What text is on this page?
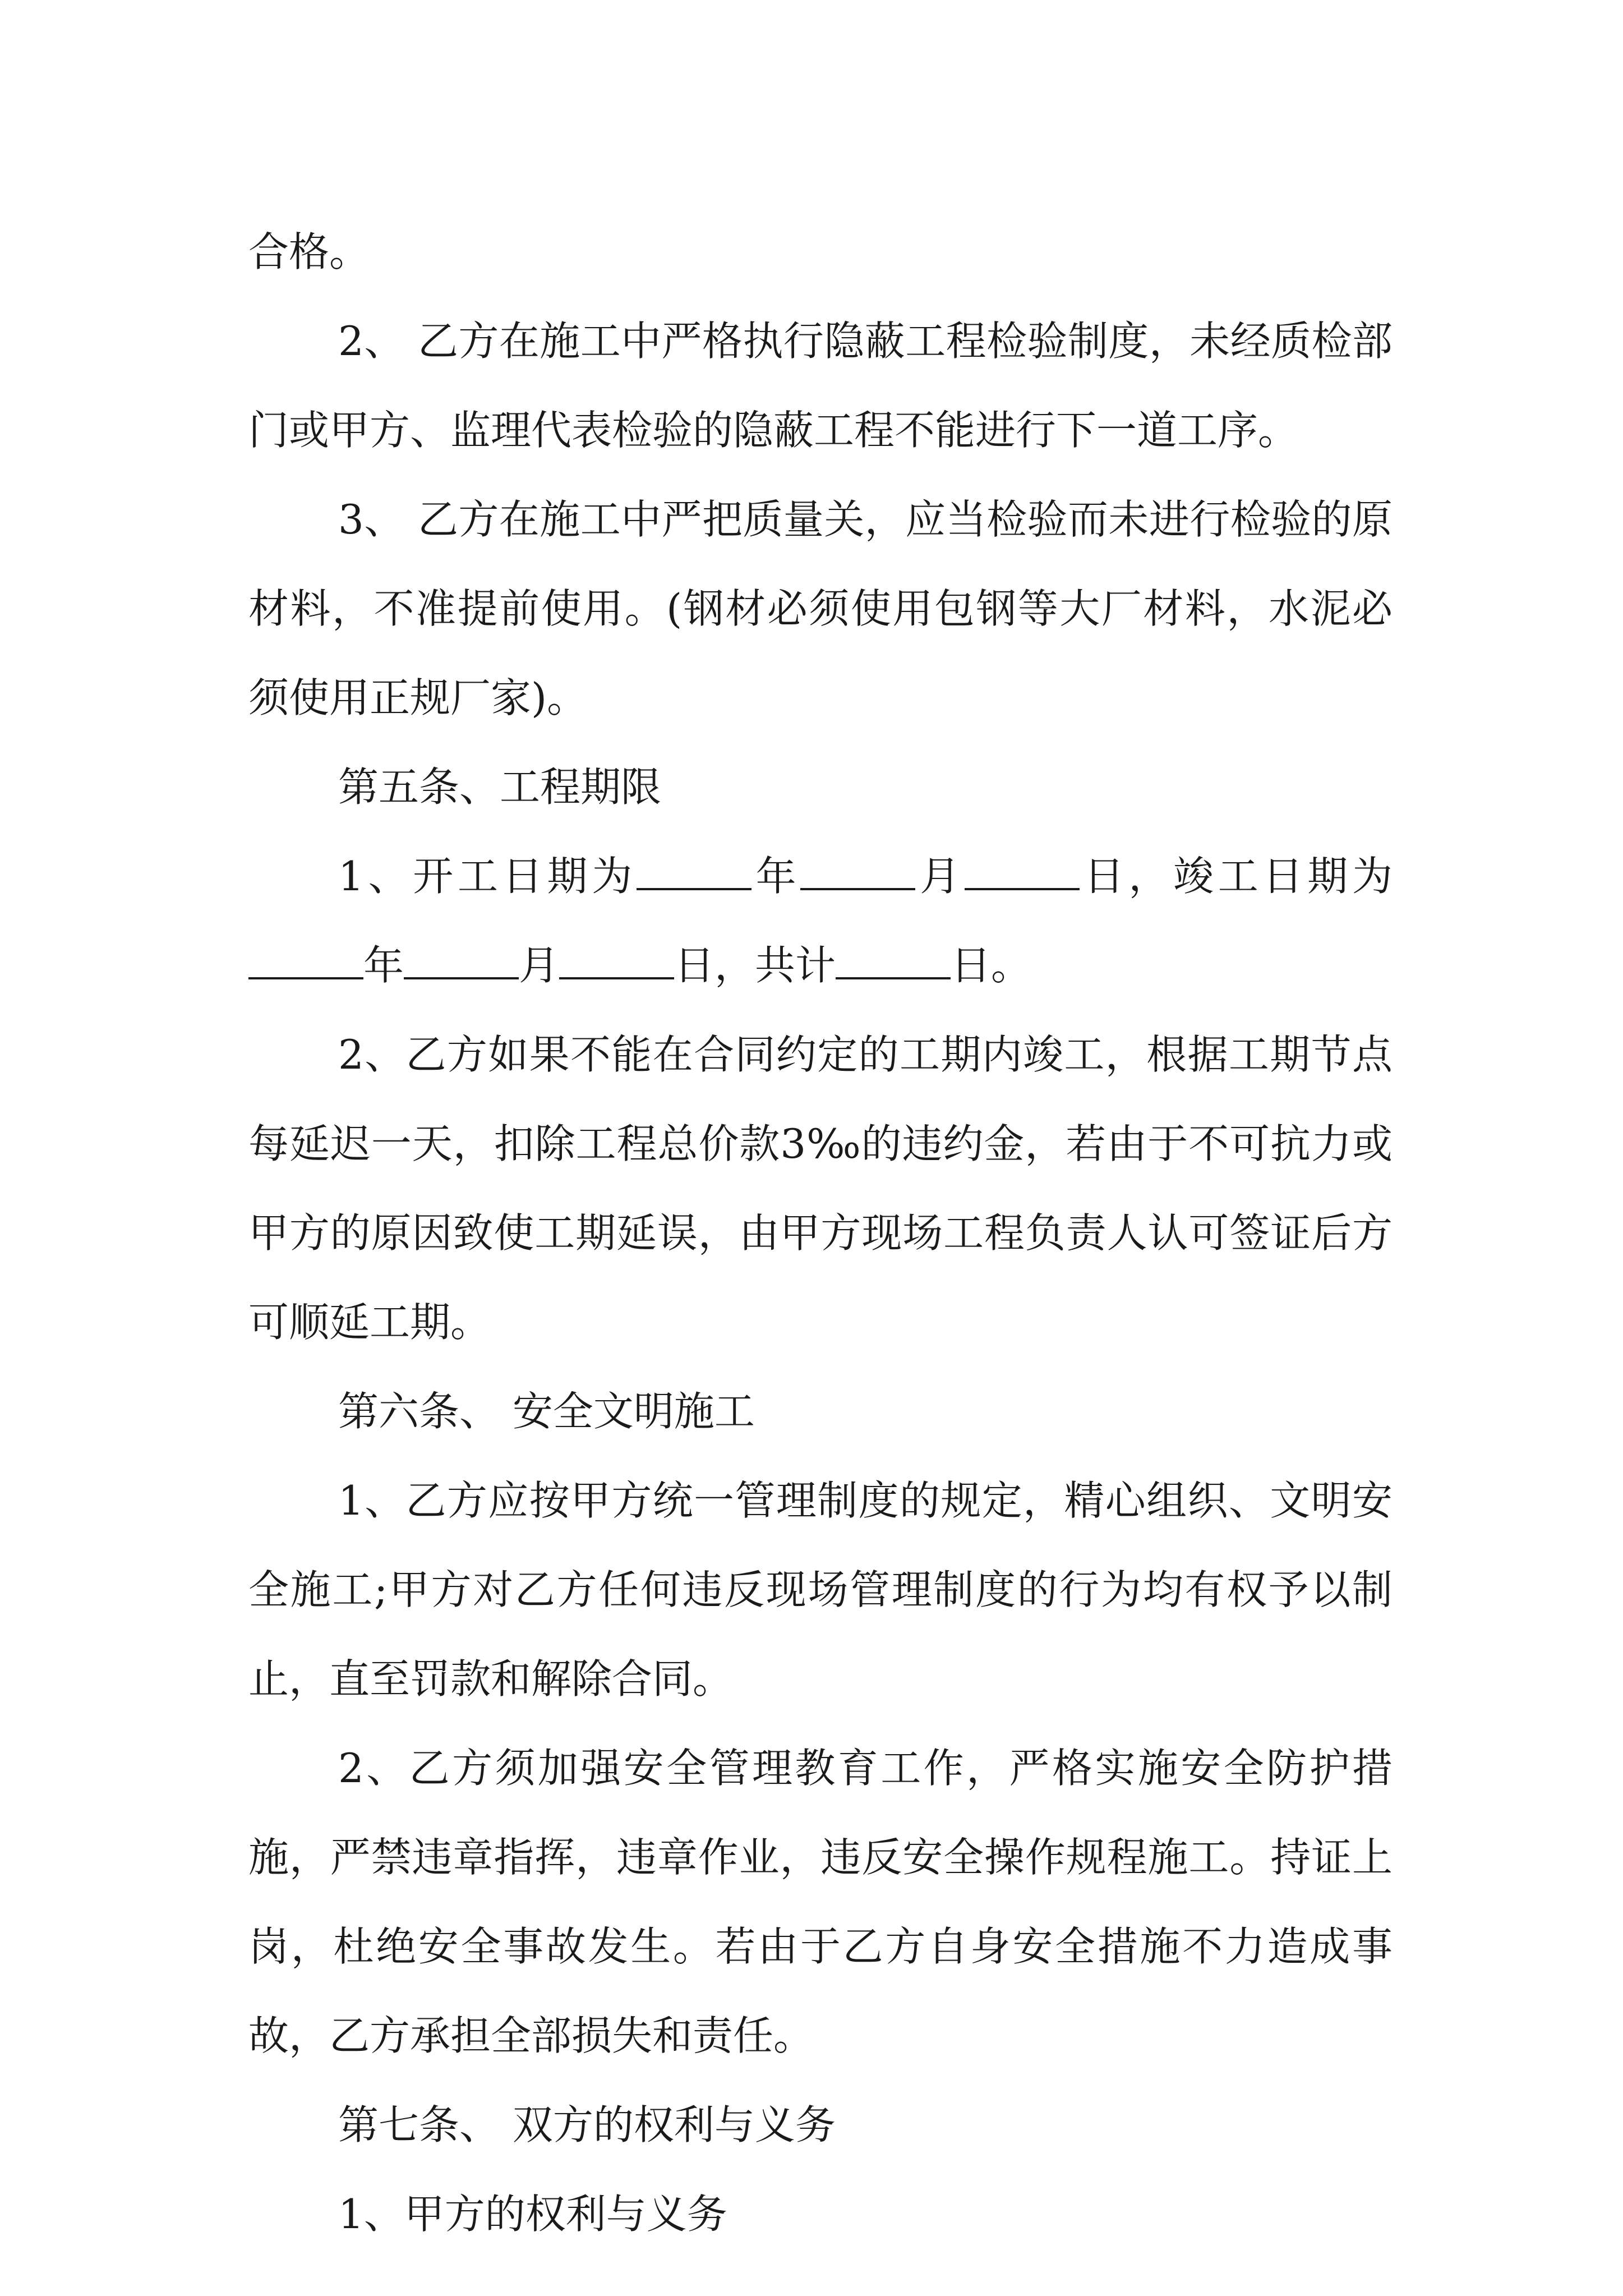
合格。

2、 乙方在施工中严格执行隐蔽工程检验制度，未经质检部门或甲方、监理代表检验的隐蔽工程不能进行下一道工序。

3、 乙方在施工中严把质量关，应当检验而未进行检验的原材料，不准提前使用。(钢材必须使用包钢等大厂材料，水泥必须使用正规厂家)。

第五条、工程期限

1、开工日期为	年	月	日，竣工日期为年	月	日，共计	日。

2、乙方如果不能在合同约定的工期内竣工，根据工期节点每延迟一天，扣除工程总价款3‰的违约金，若由于不可抗力或甲方的原因致使工期延误，由甲方现场工程负责人认可签证后方可顺延工期。

第六条、 安全文明施工

1、乙方应按甲方统一管理制度的规定，精心组织、文明安全施工;甲方对乙方任何违反现场管理制度的行为均有权予以制止，直至罚款和解除合同。

2、乙方须加强安全管理教育工作，严格实施安全防护措施，严禁违章指挥，违章作业，违反安全操作规程施工。持证上岗，杜绝安全事故发生。若由于乙方自身安全措施不力造成事故，乙方承担全部损失和责任。

第七条、 双方的权利与义务

1、甲方的权利与义务
